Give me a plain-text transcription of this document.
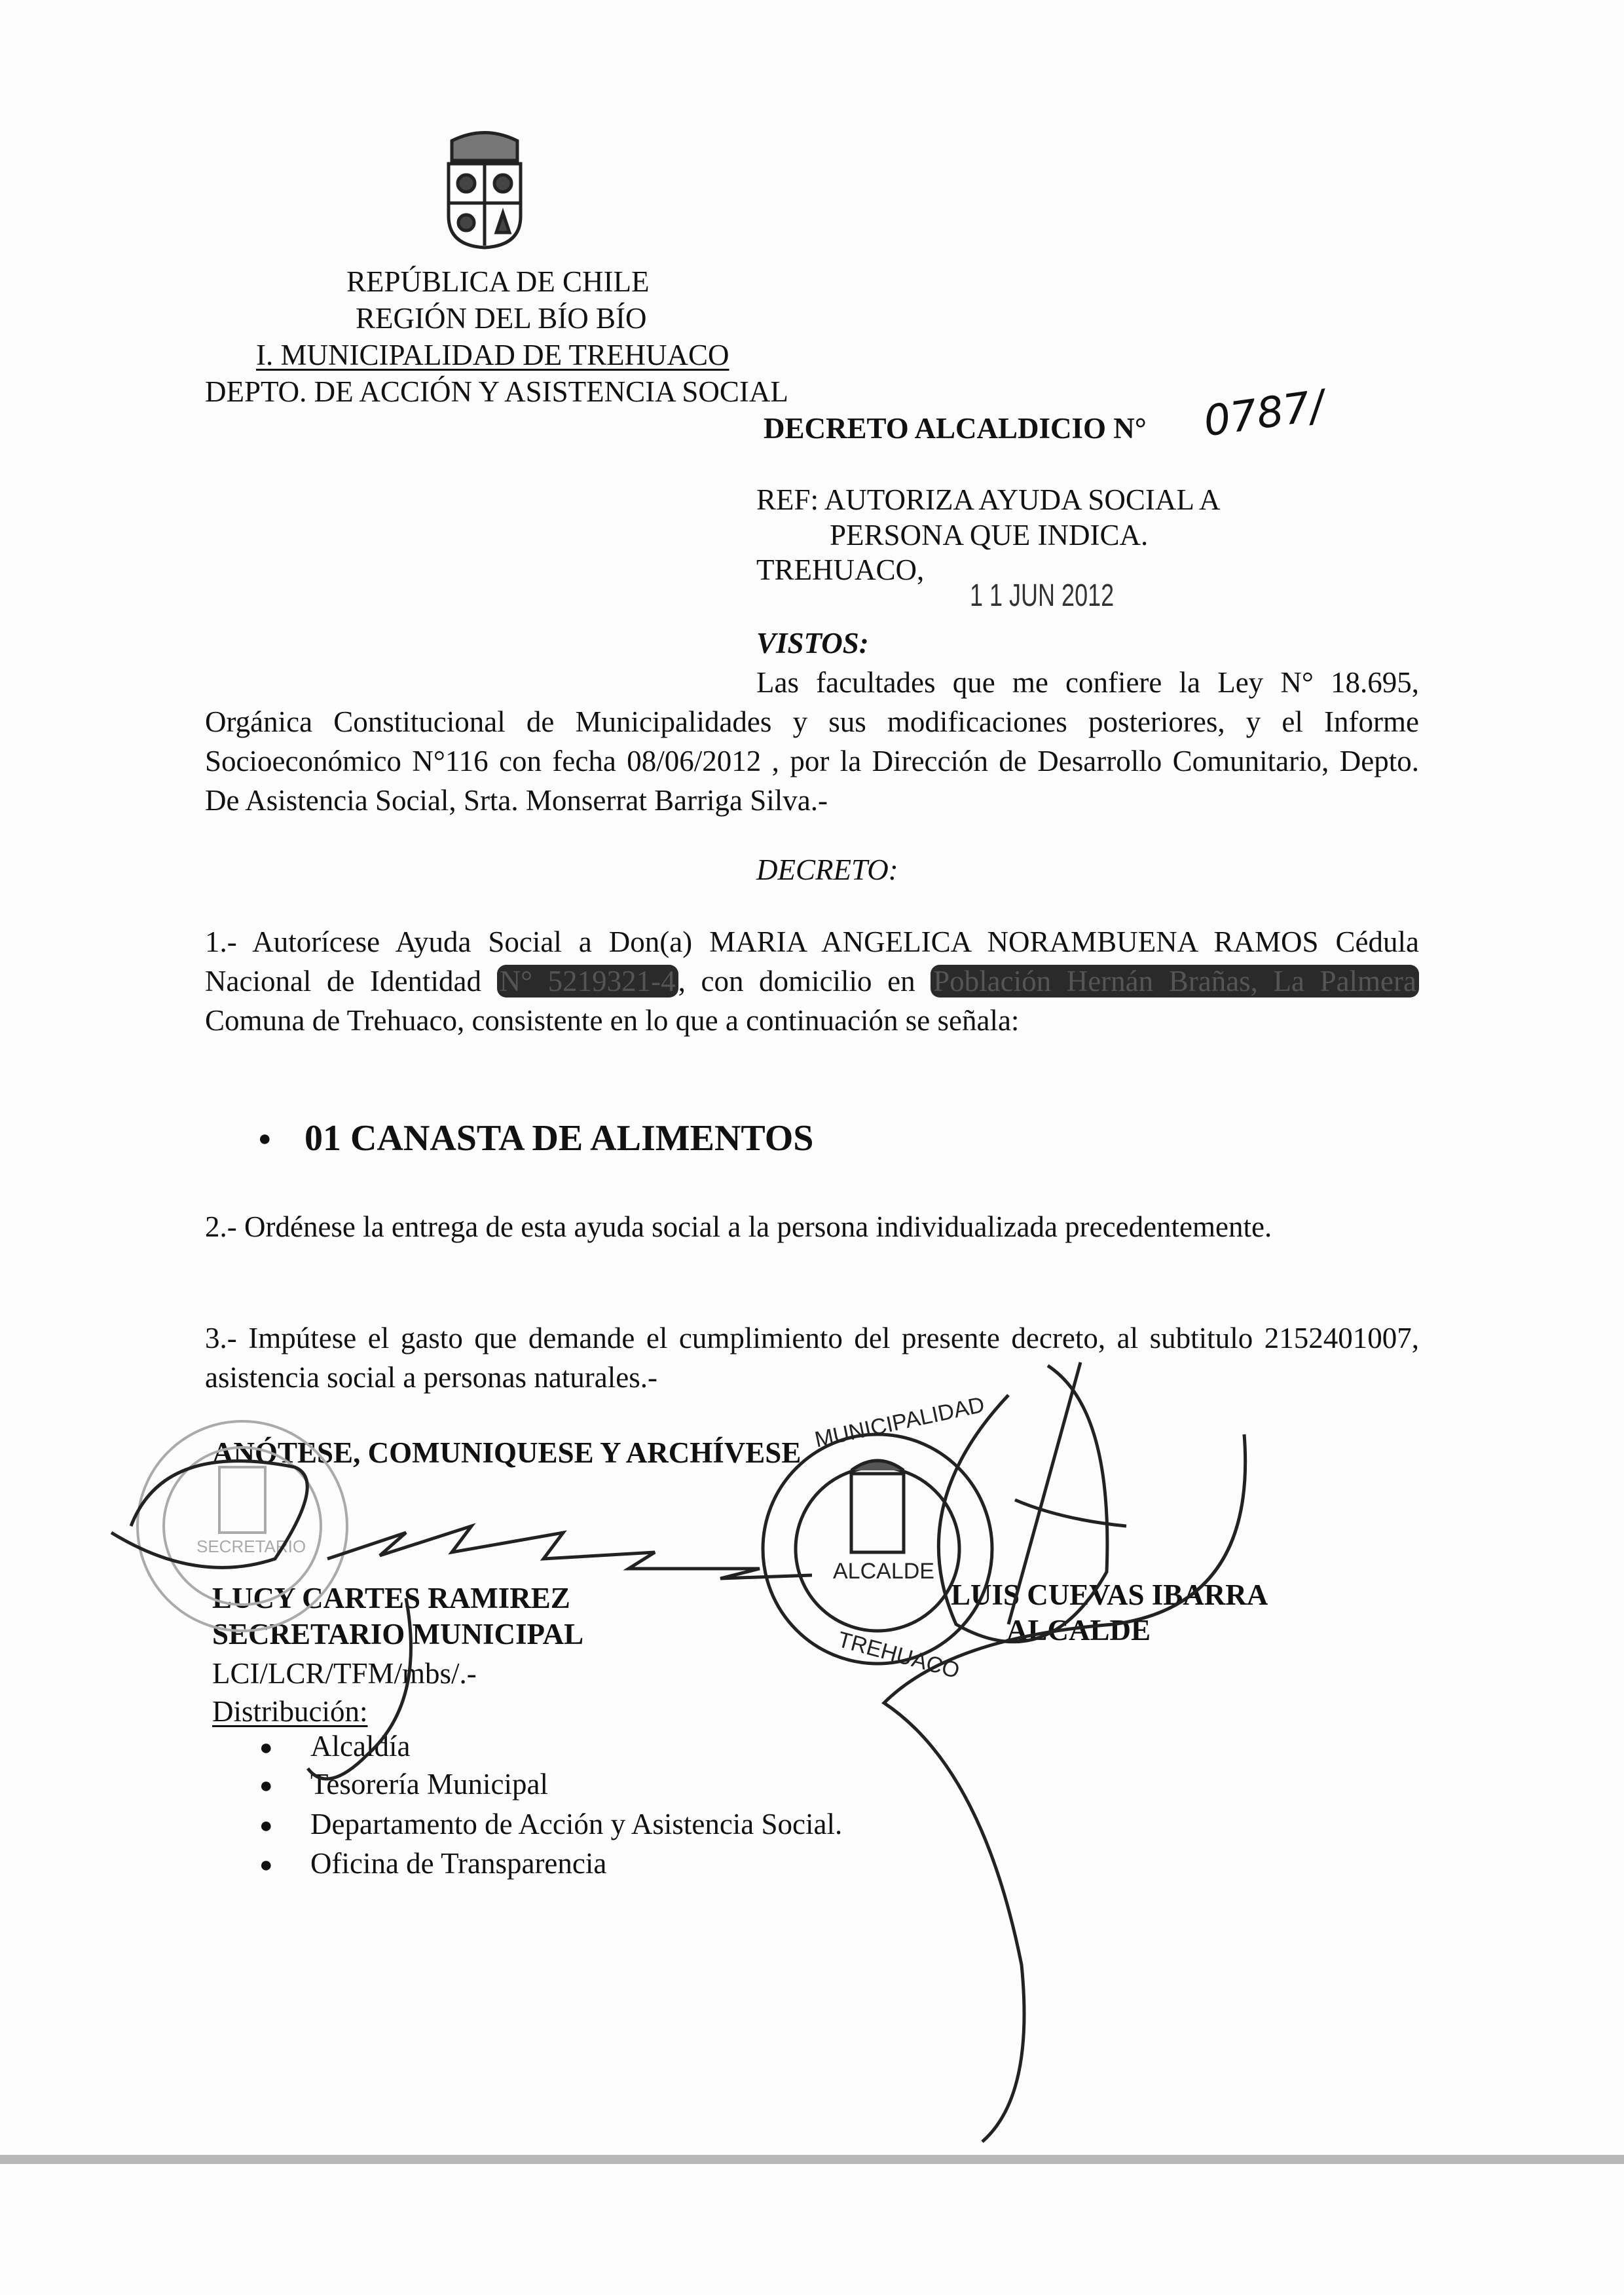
REPÚBLICA DE CHILE
REGIÓN DEL BÍO BÍO
I. MUNICIPALIDAD DE TREHUACO
DEPTO. DE ACCIÓN Y ASISTENCIA SOCIAL
DECRETO ALCALDICIO N° 0787/
REF: AUTORIZA AYUDA SOCIAL A
PERSONA QUE INDICA.
TREHUACO,
1 1 JUN 2012
VISTOS:
Las facultades que me confiere la Ley N° 18.695, Orgánica Constitucional de Municipalidades y sus modificaciones posteriores, y el Informe Socioeconómico N°116 con fecha 08/06/2012 , por la Dirección de Desarrollo Comunitario, Depto. De Asistencia Social, Srta. Monserrat Barriga Silva.-
DECRETO:
1.- Autorícese Ayuda Social a Don(a) MARIA ANGELICA NORAMBUENA RAMOS Cédula Nacional de Identidad N° 5219321-4, con domicilio en Población Hernán Brañas, La Palmera Comuna de Trehuaco, consistente en lo que a continuación se señala:
● 01 CANASTA DE ALIMENTOS
2.- Ordénese la entrega de esta ayuda social a la persona individualizada precedentemente.
3.- Impútese el gasto que demande el cumplimiento del presente decreto, al subtitulo 2152401007, asistencia social a personas naturales.-
ANÓTESE, COMUNIQUESE Y ARCHÍVESE
LUCY CARTES RAMIREZ
SECRETARIO MUNICIPAL
LUIS CUEVAS IBARRA
ALCALDE
LCI/LCR/TFM/mbs/.-
Distribución:
● Alcaldía
● Tesorería Municipal
● Departamento de Acción y Asistencia Social.
● Oficina de Transparencia
SECRETARIO
ALCALDE
MUNICIPALIDAD
TREHUACO
